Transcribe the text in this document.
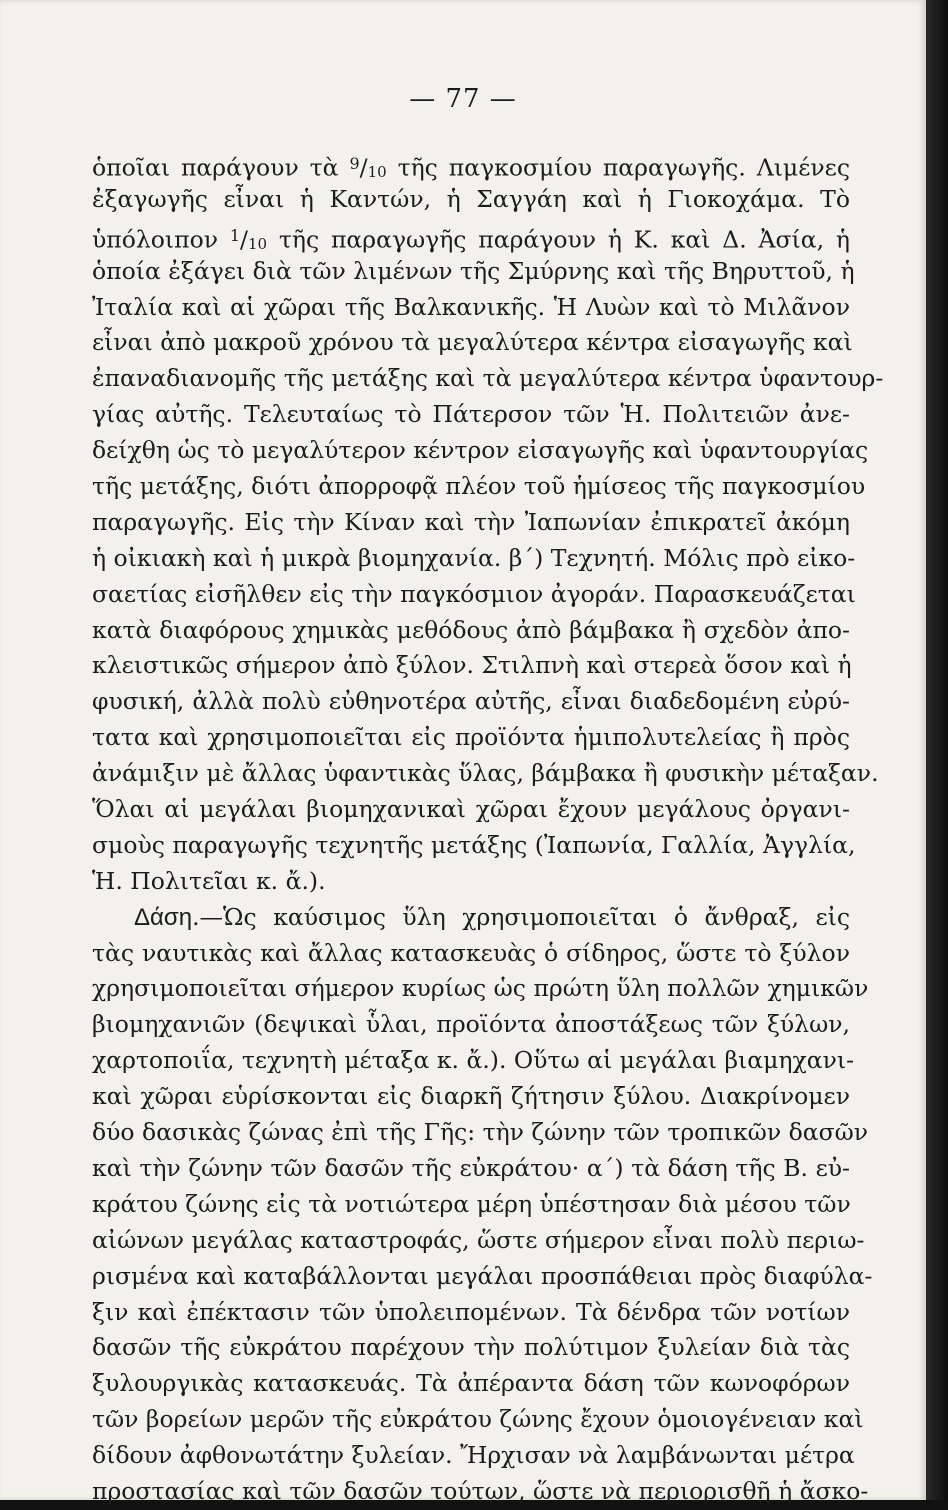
— 77 —
ὁποῖαι παράγουν τὰ $^9$/10 τῆς παγκοσμίου παραγωγῆς. Λιμένες
ἐξαγωγῆς εἶναι ἡ Καντών, ἡ Σαγγάη καὶ ἡ Γιοκοχάμα. Τὸ
ὑπόλοιπον $^1$/10 τῆς παραγωγῆς παράγουν ἡ Κ. καὶ Δ. Ἀσία, ἡ
ὁποία ἐξάγει διὰ τῶν λιμένων τῆς Σμύρνης καὶ τῆς Βηρυττοῦ, ἡ
Ἰταλία καὶ αἱ χῶραι τῆς Βαλκανικῆς. Ἡ Λυὼν καὶ τὸ Μιλᾶνον
εἶναι ἀπὸ μακροῦ χρόνου τὰ μεγαλύτερα κέντρα εἰσαγωγῆς καὶ
ἐπαναδιανομῆς τῆς μετάξης καὶ τὰ μεγαλύτερα κέντρα ὑφαντουρ-
γίας αὐτῆς. Τελευταίως τὸ Πάτερσον τῶν Ἡ. Πολιτειῶν ἀνε-
δείχθη ὡς τὸ μεγαλύτερον κέντρον εἰσαγωγῆς καὶ ὑφαντουργίας
τῆς μετάξης, διότι ἀπορροφᾷ πλέον τοῦ ἡμίσεος τῆς παγκοσμίου
παραγωγῆς. Εἰς τὴν Κίναν καὶ τὴν Ἰαπωνίαν ἐπικρατεῖ ἀκόμη
ἡ οἰκιακὴ καὶ ἡ μικρὰ βιομηχανία. β΄) Τεχνητή. Μόλις πρὸ εἰκο-
σαετίας εἰσῆλθεν εἰς τὴν παγκόσμιον ἀγοράν. Παρασκευάζεται
κατὰ διαφόρους χημικὰς μεθόδους ἀπὸ βάμβακα ἢ σχεδὸν ἀπο-
κλειστικῶς σήμερον ἀπὸ ξύλον. Στιλπνὴ καὶ στερεὰ ὅσον καὶ ἡ
φυσική, ἀλλὰ πολὺ εὐθηνοτέρα αὐτῆς, εἶναι διαδεδομένη εὐρύ-
τατα καὶ χρησιμοποιεῖται εἰς προϊόντα ἡμιπολυτελείας ἢ πρὸς
ἀνάμιξιν μὲ ἄλλας ὑφαντικὰς ὕλας, βάμβακα ἢ φυσικὴν μέταξαν.
Ὅλαι αἱ μεγάλαι βιομηχανικαὶ χῶραι ἔχουν μεγάλους ὀργανι-
σμοὺς παραγωγῆς τεχνητῆς μετάξης (Ἰαπωνία, Γαλλία, Ἀγγλία,
Ἡ. Πολιτεῖαι κ. ἄ.).
Δάση.—Ὡς καύσιμος ὕλη χρησιμοποιεῖται ὁ ἄνθραξ, εἰς
τὰς ναυτικὰς καὶ ἄλλας κατασκευὰς ὁ σίδηρος, ὥστε τὸ ξύλον
χρησιμοποιεῖται σήμερον κυρίως ὡς πρώτη ὕλη πολλῶν χημικῶν
βιομηχανιῶν (δεψικαὶ ὗλαι, προϊόντα ἀποστάξεως τῶν ξύλων,
χαρτοποιΐα, τεχνητὴ μέταξα κ. ἄ.). Οὕτω αἱ μεγάλαι βιαμηχανι-
καὶ χῶραι εὑρίσκονται εἰς διαρκῆ ζήτησιν ξύλου. Διακρίνομεν
δύο δασικὰς ζώνας ἐπὶ τῆς Γῆς: τὴν ζώνην τῶν τροπικῶν δασῶν
καὶ τὴν ζώνην τῶν δασῶν τῆς εὐκράτου· α΄) τὰ δάση τῆς Β. εὐ-
κράτου ζώνης εἰς τὰ νοτιώτερα μέρη ὑπέστησαν διὰ μέσου τῶν
αἰώνων μεγάλας καταστροφάς, ὥστε σήμερον εἶναι πολὺ περιω-
ρισμένα καὶ καταβάλλονται μεγάλαι προσπάθειαι πρὸς διαφύλα-
ξιν καὶ ἐπέκτασιν τῶν ὑπολειπομένων. Τὰ δένδρα τῶν νοτίων
δασῶν τῆς εὐκράτου παρέχουν τὴν πολύτιμον ξυλείαν διὰ τὰς
ξυλουργικὰς κατασκευάς. Τὰ ἀπέραντα δάση τῶν κωνοφόρων
τῶν βορείων μερῶν τῆς εὐκράτου ζώνης ἔχουν ὁμοιογένειαν καὶ
δίδουν ἀφθονωτάτην ξυλείαν. Ἤρχισαν νὰ λαμβάνωνται μέτρα
προστασίας καὶ τῶν δασῶν τούτων, ὥστε νὰ περιορισθῇ ἡ ἄσκο-
